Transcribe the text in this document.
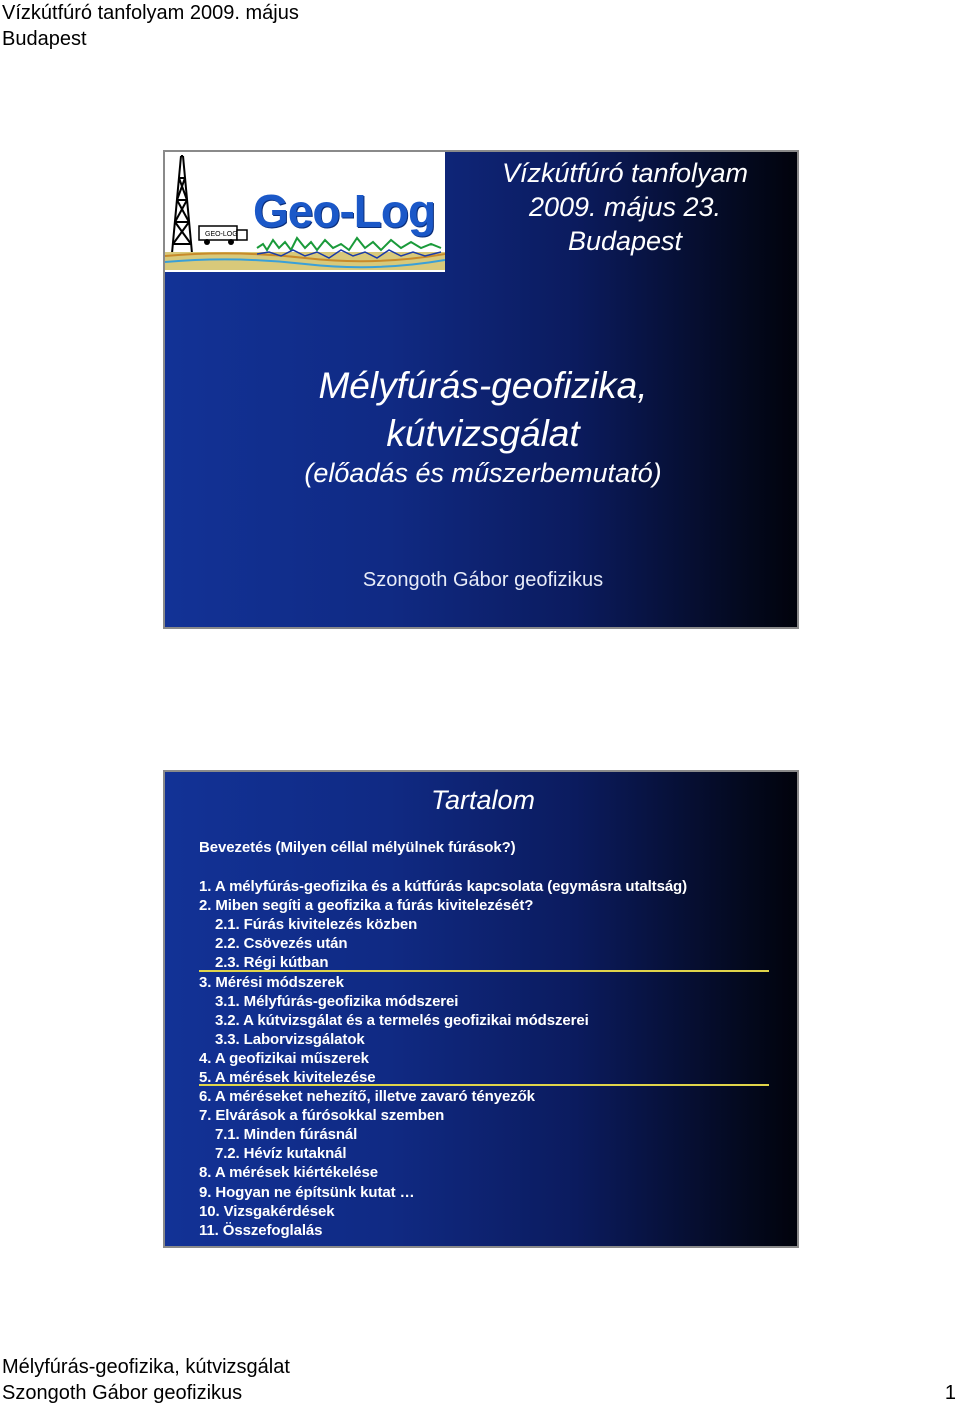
Vízkútfúró tanfolyam 2009. május
Budapest
GEO-LOG Geo-Log
Vízkútfúró tanfolyam
2009. május 23.
Budapest
Mélyfúrás-geofizika,
kútvizsgálat
(előadás és műszerbemutató)
Szongoth Gábor geofizikus
Tartalom
Bevezetés (Milyen céllal mélyülnek fúrások?)
1. A mélyfúrás-geofizika és a kútfúrás kapcsolata (egymásra utaltság)
2. Miben segíti a geofizika a fúrás kivitelezését?
2.1. Fúrás kivitelezés közben
2.2. Csövezés után
2.3. Régi kútban
3. Mérési módszerek
3.1. Mélyfúrás-geofizika módszerei
3.2. A kútvizsgálat és a termelés geofizikai módszerei
3.3. Laborvizsgálatok
4. A geofizikai műszerek
5. A mérések kivitelezése
6. A méréseket nehezítő, illetve zavaró tényezők
7. Elvárások a fúrósokkal szemben
7.1. Minden fúrásnál
7.2. Hévíz kutaknál
8. A mérések kiértékelése
9. Hogyan ne építsünk kutat …
10. Vizsgakérdések
11. Összefoglalás
Mélyfúrás-geofizika, kútvizsgálat
Szongoth Gábor geofizikus	1
